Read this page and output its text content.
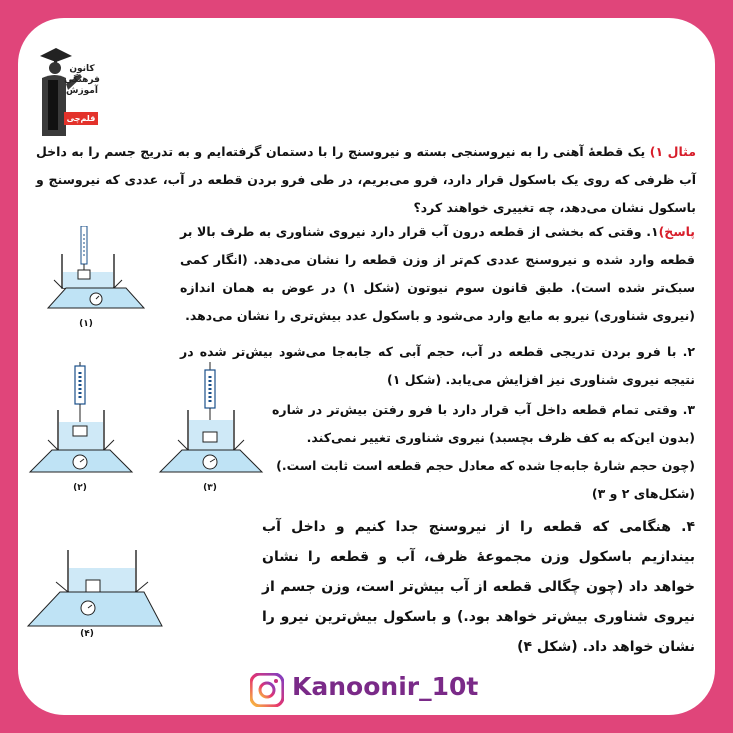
کانون
فرهنگی
آموزش
قلم‌چی
مثال ۱) یک قطعهٔ آهنی را به نیروسنجی بسته و نیروسنج را با دستمان گرفته‌ایم و به تدریج جسم را به داخل آب ظرفی که روی یک باسکول قرار دارد، فرو می‌بریم، در طی فرو بردن قطعه در آب، عددی که نیروسنج و باسکول نشان می‌دهد، چه تغییری خواهند کرد؟
پاسخ)۱. وقتی که بخشی از قطعه درون آب قرار دارد نیروی شناوری به طرف بالا بر قطعه وارد شده و نیروسنج عددی کم‌تر از وزن قطعه را نشان می‌دهد. (انگار کمی سبک‌تر شده است). طبق قانون سوم نیوتون (شکل ۱) در عوض به همان اندازه (نیروی شناوری) نیرو به مایع وارد می‌شود و باسکول عدد بیش‌تری را نشان می‌دهد.
۲. با فرو بردن تدریجی قطعه در آب، حجم آبی که جابه‌جا می‌شود بیش‌تر شده در نتیجه نیروی شناوری نیز افزایش می‌یابد. (شکل ۱)
۳. وقتی تمام قطعه داخل آب قرار دارد با فرو رفتن بیش‌تر در شاره (بدون این‌که به کف ظرف بچسبد) نیروی شناوری تغییر نمی‌کند.
(چون حجم شارهٔ جابه‌جا شده که معادل حجم قطعه است ثابت است.)
(شکل‌های ۲ و ۳)
۴. هنگامی که قطعه را از نیروسنج جدا کنیم و داخل آب بیندازیم باسکول وزن مجموعهٔ ظرف، آب و قطعه را نشان خواهد داد (چون چگالی قطعه از آب بیش‌تر است، وزن جسم از نیروی شناوری بیش‌تر خواهد بود.) و باسکول بیش‌ترین نیرو را نشان خواهد داد. (شکل ۴)
(۱)
(۲)	(۳)
(۴)
Kanoonir_10t
